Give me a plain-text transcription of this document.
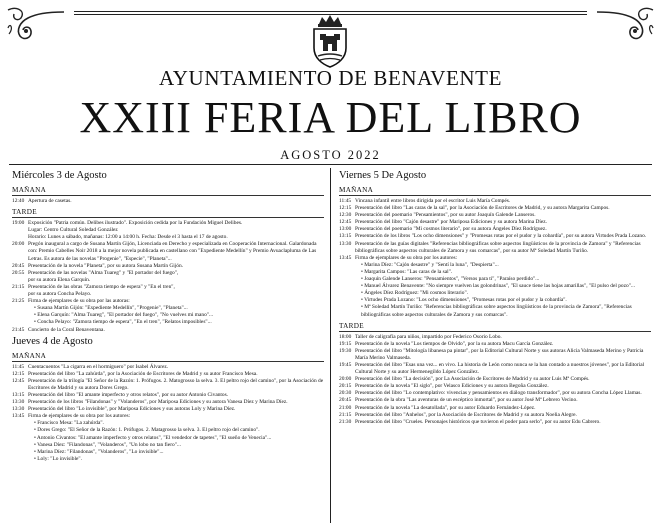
AYUNTAMIENTO DE BENAVENTE
XXIII FERIA DEL LIBRO
AGOSTO 2022
Miércoles 3 de Agosto
MAÑANA
12:40 Apertura de casetas.
TARDE
19:00 Exposición "Patria común. Delibes ilustrado". Exposición cedida por la Fundación Miguel Delibes.
Lugar: Centro Cultural Soledad González
Horario: Lunes a sábado, mañanas: 12:00 a 14:00 h. Fecha: Desde el 3 hasta el 17 de agosto.
20:00 Pregón inaugural a cargo de Susana Martín Gijón, Licenciada en Derecho y especializada en Cooperación Internacional. Galardonada con: Premio Cabelles Noir 2018 a la mejor novela publicada en castellano con "Expediente Medellín" y Premio Avuaclapluma de Las Letras. Es autora de las novelas "Progenie", "Especie", "Planeta"...
20:45 Presentación de la novela "Planeta", por su autora Susana Martín Gijón.
20:55 Presentación de las novelas "Alma Tuareg" y "El portador del fuego",
por su autora Elena Garquín.
21:15 Presentación de las obras "Zamora tiempo de espera" y "En el tren",
por su autora Concha Pelayo.
21:25 Firma de ejemplares de su obra por las autoras:
• Susana Martín Gijón: "Expediente Medellín", "Progenie", "Planeta"...
• Elena Garquín: "Alma Tuareg", "El portador del fuego", "No vuelves mi mano"...
• Concha Pelayo: "Zamora tiempo de espera", "En el tren", "Relatos imposibles"...
21:45 Concierto de la Coral Benaventana.
Jueves 4 de Agosto
MAÑANA
11:45 Cuentacuentos "La cigarra en el hormiguero" por Isabel Álvarez.
12:15 Presentación del libro "La zahúrda", por la Asociación de Escritores de Madrid y su autor Francisco Mesa.
12:45 Presentación de la trilogía "El Señor de la Razón: 1. Prófugos. 2. Matogrosso la selva. 3. El peltro rojo del camino", por la Asociación de Escritores de Madrid y su autora Dores Grego.
13:15 Presentación del libro "El amante imperfecto y otros relatos", por su autor Antonio Civantos.
13:30 Presentación de los libros "Filandonas" y "Volanderos", por Mariposa Ediciones y su autora Vanesa Díez y Marina Díez.
13:30 Presentación del libro "Lo invisible", por Mariposa Ediciones y sus autoras Loly y Marina Díez.
13:45 Firma de ejemplares de su obra por los autores:
• Francisco Mesa: "La zahúrda".
• Dores Grego: "El Señor de la Razón: 1. Prófugos. 2. Matagrosso la selva. 3. El peltro rojo del camino".
• Antonio Civantos: "El amante imperfecto y otros relatos", "El vendedor de tapetes", "El sueño de Venecia"...
• Vanesa Díez: "Filandonas", "Volanderos", "Un lobo no tan fiero"...
• Marina Díez: "Filandonas", "Volanderos", "Lo invisible"...
• Loly: "Lo invisible".
Viernes 5 De Agosto
MAÑANA
11:45 Vincana infantil entre libros dirigida por el escritor Luis María Compés.
12:15 Presentación del libro "Las caras de la sal", por la Asociación de Escritores de Madrid, y su autora Margarita Campos.
12:30 Presentación del poemario "Pensamientos", por su autor Joaquín Galende Lanseros.
12:45 Presentación del libro "Cajón desastre" por Mariposa Ediciones y su autora Marina Díez.
13:00 Presentación del poemario "Mi cosmos literario", por su autora Ángeles Díez Rodríguez.
13:15 Presentación de los libros "Los ocho dimensiones" y "Promesas rotas por el pudor y la cobardía", por su autora Virtudes Prada Lozano.
13:30 Presentación de las guías digitales "Referencias bibliográficas sobre aspectos lingüísticos de la provincia de Zamora" y "Referencias bibliográficas sobre aspectos culturales de Zamora y sus comarcas", por su autor Mª Soledad Martín Turiño.
13:45 Firma de ejemplares de su obra por los autores:
• Marina Díez: "Cajón desastre" y "Sentí la luna", "Despierta"...
• Margarita Campos: "Las caras de la sal".
• Joaquín Galende Lanseros: "Pensamientos", "Versos para ti", "Paraíso perdido"...
• Manuel Álvarez Benavente: "No siempre vuelven las golondrinas", "El sauce tiene las hojas amarillas", "El pulso del pozo"...
• Ángeles Díez Rodríguez: "Mi cosmos literario".
• Virtudes Prada Lozano: "Los ocho dimensiones", "Promesas rotas por el pudor y la cobardía".
• Mª Soledad Martín Turiño: "Referencias bibliográficas sobre aspectos lingüísticos de la provincia de Zamora", "Referencias bibliográficas sobre aspectos culturales de Zamora y sus comarcas".
TARDE
18:00 Taller de caligrafía para niños, impartido por Federico Osorio Lobo.
19:15 Presentación de la novela "Los tiempos de Olvido", por la su autora Macu García González.
19:30 Presentación del libro "Mitología libanesa pa pintar", por la Editorial Cultural Norte y sus autoras Alicia Valmaseda Merino y Patricia María Merino Valmaseda.
19:45 Presentación del libro "Esas una vez... en vivo. La historia de León como nunca se la han contado a nuestros jóvenes", por la Editorial Cultural Norte y su autor Hermenegildo López González.
20:00 Presentación del libro "La decisión", por La Asociación de Escritores de Madrid y su autor Luis Mª Compés.
20:15 Presentación de la novela "El siglo", por Velasco Ediciones y su autora Begoña González.
20:30 Presentación del libro "Lo contemplativo: vivencias y pensamientos en diálogo transformador", por su autora Concha López Llamas.
20:45 Presentación de la obra "Las aventuras de un escéptico inmortal", por su autor José Mª Lebrero Vecino.
21:00 Presentación de la novela "La desatollada", por su autor Eduardo Fernández-López.
21:15 Presentación del libro "Anhelos", por la Asociación de Escritores de Madrid y su autora Noelia Alegre.
21:30 Presentación del libro "Crueles. Personajes históricos que tuvieron el poder para serlo", por su autor Edu Cabrero.
